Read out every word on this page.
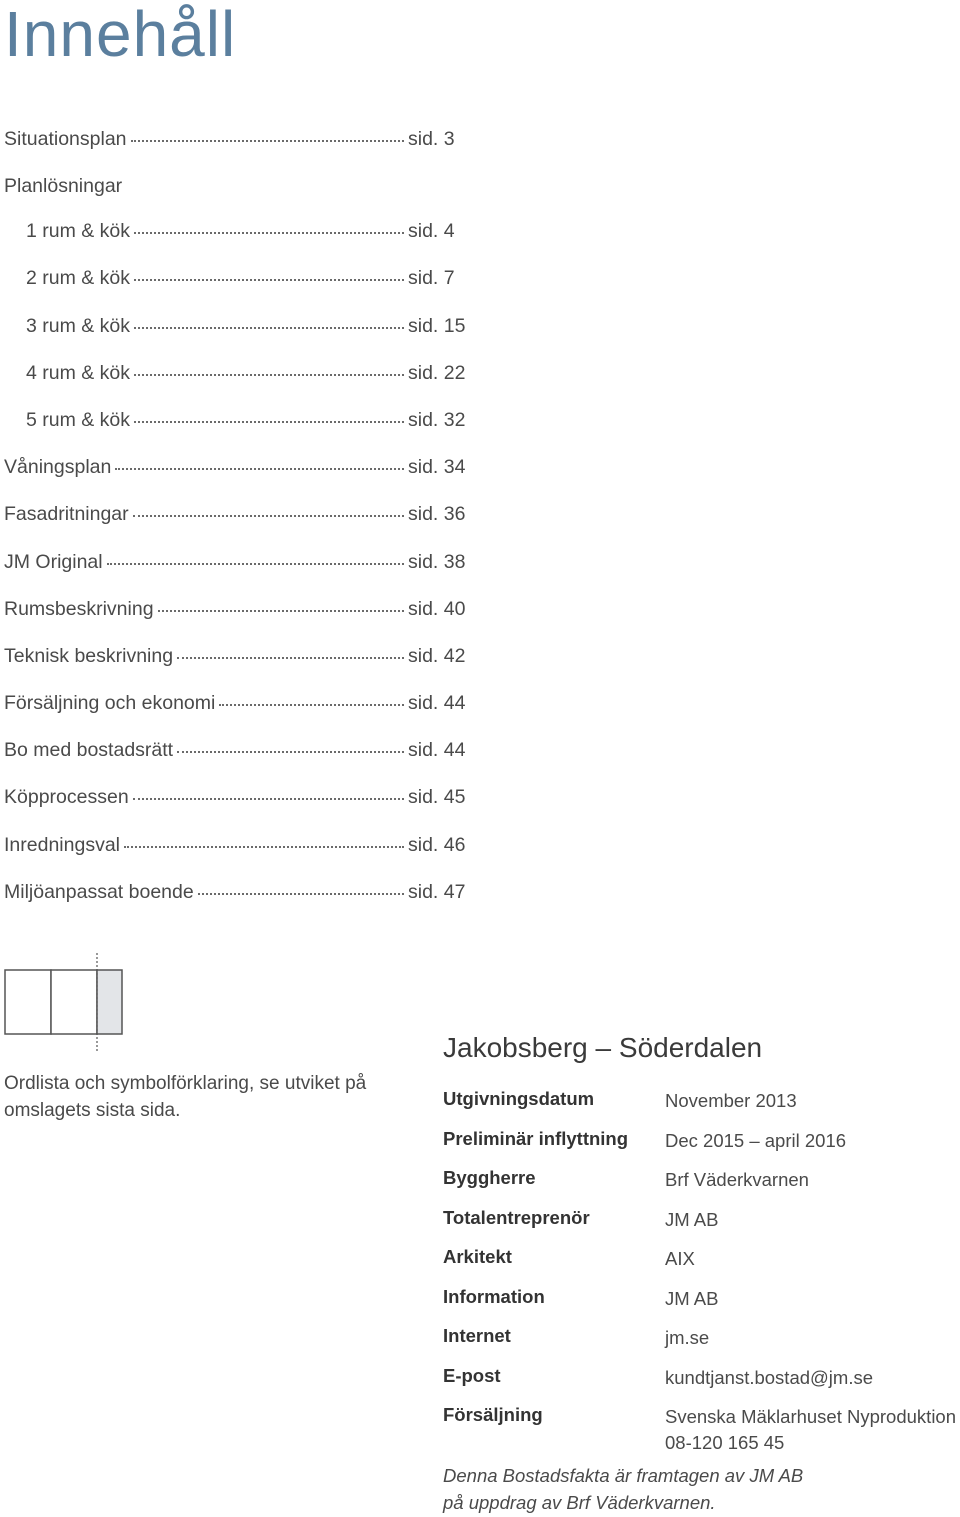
Innehåll
Situationsplan	sid. 3
Planlösningar
1 rum & kök	sid. 4
2 rum & kök	sid. 7
3 rum & kök	sid. 15
4 rum & kök	sid. 22
5 rum & kök	sid. 32
Våningsplan	sid. 34
Fasadritningar	sid. 36
JM Original	sid. 38
Rumsbeskrivning	sid. 40
Teknisk beskrivning	sid. 42
Försäljning och ekonomi	sid. 44
Bo med bostadsrätt	sid. 44
Köpprocessen	sid. 45
Inredningsval	sid. 46
Miljöanpassat boende	sid. 47
Ordlista och symbolförklaring, se utviket på omslagets sista sida.
Jakobsberg – Söderdalen
Utgivningsdatum	November 2013
Preliminär inflyttning	Dec 2015 – april 2016
Byggherre	Brf Väderkvarnen
Totalentreprenör	JM AB
Arkitekt	AIX
Information	JM AB
Internet	jm.se
E-post	kundtjanst.bostad@jm.se
Försäljning	Svenska Mäklarhuset Nyproduktion
08-120 165 45
Denna Bostadsfakta är framtagen av JM AB
på uppdrag av Brf Väderkvarnen.
